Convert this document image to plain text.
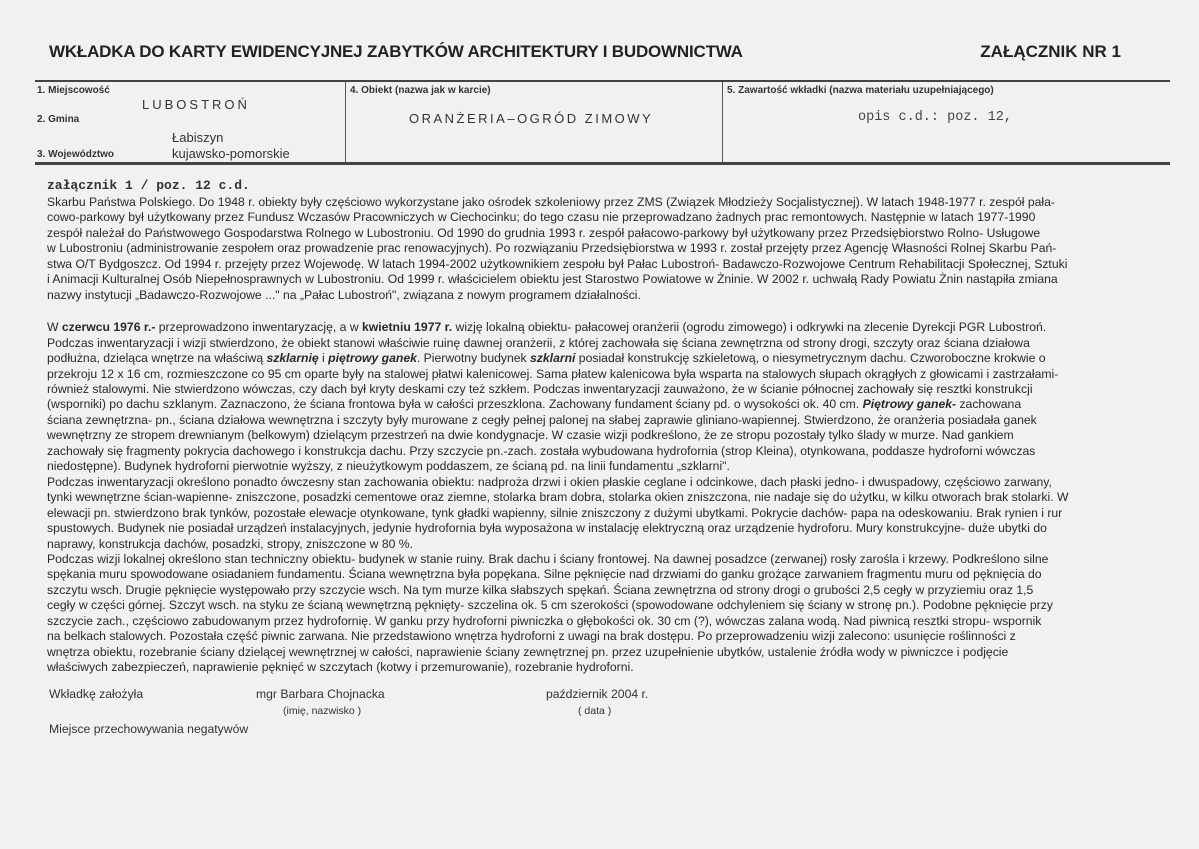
WKŁADKA DO KARTY EWIDENCYJNEJ ZABYTKÓW ARCHITEKTURY I BUDOWNICTWA	ZAŁĄCZNIK NR 1
1. Miejscowość
LUBOSTROŃ
2. Gmina
Łabiszyn
3. Województwo	kujawsko-pomorskie
4. Obiekt (nazwa jak w karcie)
ORANŻERIA–OGRÓD ZIMOWY
5. Zawartość wkładki (nazwa materiału uzupełniającego)
opis c.d.: poz. 12,
załącznik 1 / poz. 12 c.d.
Skarbu Państwa Polskiego. Do 1948 r. obiekty były częściowo wykorzystane jako ośrodek szkoleniowy przez ZMS (Związek Młodzieży Socjalistycznej). W latach 1948-1977 r. zespół pała-
cowo-parkowy był użytkowany przez Fundusz Wczasów Pracowniczych w Ciechocinku; do tego czasu nie przeprowadzano żadnych prac remontowych. Następnie w latach 1977-1990
zespół należał do Państwowego Gospodarstwa Rolnego w Lubostroniu. Od 1990 do grudnia 1993 r. zespół pałacowo-parkowy był użytkowany przez Przedsiębiorstwo Rolno- Usługowe
w Lubostroniu (administrowanie zespołem oraz prowadzenie prac renowacyjnych). Po rozwiązaniu Przedsiębiorstwa w 1993 r. został przejęty przez Agencję Własności Rolnej Skarbu Pań-
stwa O/T Bydgoszcz. Od 1994 r. przejęty przez Wojewodę. W latach 1994-2002 użytkownikiem zespołu był Pałac Lubostroń- Badawczo-Rozwojowe Centrum Rehabilitacji Społecznej, Sztuki
i Animacji Kulturalnej Osób Niepełnosprawnych w Lubostroniu. Od 1999 r. właścicielem obiektu jest Starostwo Powiatowe w Żninie. W 2002 r. uchwałą Rady Powiatu Żnin nastąpiła zmiana
nazwy instytucji „Badawczo-Rozwojowe ..." na „Pałac Lubostroń", związana z nowym programem działalności.
W czerwcu 1976 r.- przeprowadzono inwentaryzację, a w kwietniu 1977 r. wizję lokalną obiektu- pałacowej oranżerii (ogrodu zimowego) i odkrywki na zlecenie Dyrekcji PGR Lubostroń.
Podczas inwentaryzacji i wizji stwierdzono, że obiekt stanowi właściwie ruinę dawnej oranżerii, z której zachowała się ściana zewnętrzna od strony drogi, szczyty oraz ściana działowa
podłużna, dzieląca wnętrze na właściwą szklarnię i piętrowy ganek. Pierwotny budynek szklarni posiadał konstrukcję szkieletową, o niesymetrycznym dachu. Czworoboczne krokwie o
przekroju 12 x 16 cm, rozmieszczone co 95 cm oparte były na stalowej płatwi kalenicowej. Sama płatew kalenicowa była wsparta na stalowych słupach okrągłych z głowicami i zastrzałami-
również stalowymi. Nie stwierdzono wówczas, czy dach był kryty deskami czy też szkłem. Podczas inwentaryzacji zauważono, że w ścianie północnej zachowały się resztki konstrukcji
(wsporniki) po dachu szklanym. Zaznaczono, że ściana frontowa była w całości przeszklona. Zachowany fundament ściany pd. o wysokości ok. 40 cm. Piętrowy ganek- zachowana
ściana zewnętrzna- pn., ściana działowa wewnętrzna i szczyty były murowane z cegły pełnej palonej na słabej zaprawie gliniano-wapiennej. Stwierdzono, że oranżeria posiadała ganek
wewnętrzny ze stropem drewnianym (belkowym) dzielącym przestrzeń na dwie kondygnacje. W czasie wizji podkreślono, że ze stropu pozostały tylko ślady w murze. Nad gankiem
zachowały się fragmenty pokrycia dachowego i konstrukcja dachu. Przy szczycie pn.-zach. została wybudowana hydrofornia (strop Kleina), otynkowana, poddasze hydroforni wówczas
niedostępne). Budynek hydroforni pierwotnie wyższy, z nieużytkowym poddaszem, ze ścianą pd. na linii fundamentu „szklarni".
Podczas inwentaryzacji określono ponadto ówczesny stan zachowania obiektu: nadproża drzwi i okien płaskie ceglane i odcinkowe, dach płaski jedno- i dwuspadowy, częściowo zarwany,
tynki wewnętrzne ścian-wapienne- zniszczone, posadzki cementowe oraz ziemne, stolarka bram dobra, stolarka okien zniszczona, nie nadaje się do użytku, w kilku otworach brak stolarki. W
elewacji pn. stwierdzono brak tynków, pozostałe elewacje otynkowane, tynk gładki wapienny, silnie zniszczony z dużymi ubytkami. Pokrycie dachów- papa na odeskowaniu. Brak rynien i rur
spustowych. Budynek nie posiadał urządzeń instalacyjnych, jedynie hydrofornia była wyposażona w instalację elektryczną oraz urządzenie hydroforu. Mury konstrukcyjne- duże ubytki do
naprawy, konstrukcja dachów, posadzki, stropy, zniszczone w 80 %.
Podczas wizji lokalnej określono stan techniczny obiektu- budynek w stanie ruiny. Brak dachu i ściany frontowej. Na dawnej posadzce (zerwanej) rosły zarośla i krzewy. Podkreślono silne
spękania muru spowodowane osiadaniem fundamentu. Ściana wewnętrzna była popękana. Silne pęknięcie nad drzwiami do ganku grożące zarwaniem fragmentu muru od pęknięcia do
szczytu wsch. Drugie pęknięcie występowało przy szczycie wsch. Na tym murze kilka słabszych spękań. Ściana zewnętrzna od strony drogi o grubości 2,5 cegły w przyziemiu oraz 1,5
cegły w części górnej. Szczyt wsch. na styku ze ścianą wewnętrzną pęknięty- szczelina ok. 5 cm szerokości (spowodowane odchyleniem się ściany w stronę pn.). Podobne pęknięcie przy
szczycie zach., częściowo zabudowanym przez hydrofornię. W ganku przy hydroforni piwniczka o głębokości ok. 30 cm (?), wówczas zalana wodą. Nad piwnicą resztki stropu- wspornik
na belkach stalowych. Pozostała część piwnic zarwana. Nie przedstawiono wnętrza hydroforni z uwagi na brak dostępu. Po przeprowadzeniu wizji zalecono: usunięcie roślinności z
wnętrza obiektu, rozebranie ściany dzielącej wewnętrznej w całości, naprawienie ściany zewnętrznej pn. przez uzupełnienie ubytków, ustalenie źródła wody w piwniczce i podjęcie
właściwych zabezpieczeń, naprawienie pęknięć w szczytach (kotwy i przemurowanie), rozebranie hydroforni.
Wkładkę założyła	mgr Barbara Chojnacka
(imię, nazwisko )
październik 2004 r.
( data )
Miejsce przechowywania negatywów
